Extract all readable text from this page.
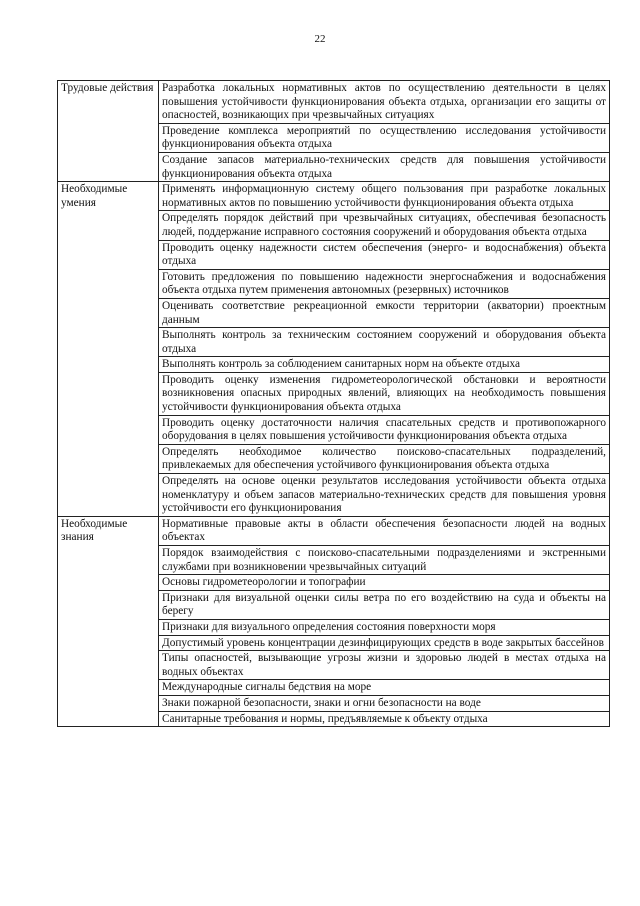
22
Трудовые действия	Разработка локальных нормативных актов по осуществлению деятельности в целях повышения устойчивости функционирования объекта отдыха, организации его защиты от опасностей, возникающих при чрезвычайных ситуациях
	Проведение комплекса мероприятий по осуществлению исследования устойчивости функционирования объекта отдыха
	Создание запасов материально-технических средств для повышения устойчивости функционирования объекта отдыха
Необходимые умения	Применять информационную систему общего пользования при разработке локальных нормативных актов по повышению устойчивости функционирования объекта отдыха
	Определять порядок действий при чрезвычайных ситуациях, обеспечивая безопасность людей, поддержание исправного состояния сооружений и оборудования объекта отдыха
	Проводить оценку надежности систем обеспечения (энерго- и водоснабжения) объекта отдыха
	Готовить предложения по повышению надежности энергоснабжения и водоснабжения объекта отдыха путем применения автономных (резервных) источников
	Оценивать соответствие рекреационной емкости территории (акватории) проектным данным
	Выполнять контроль за техническим состоянием сооружений и оборудования объекта отдыха
	Выполнять контроль за соблюдением санитарных норм на объекте отдыха
	Проводить оценку изменения гидрометеорологической обстановки и вероятности возникновения опасных природных явлений, влияющих на необходимость повышения устойчивости функционирования объекта отдыха
	Проводить оценку достаточности наличия спасательных средств и противопожарного оборудования в целях повышения устойчивости функционирования объекта отдыха
	Определять необходимое количество поисково-спасательных подразделений, привлекаемых для обеспечения устойчивого функционирования объекта отдыха
	Определять на основе оценки результатов исследования устойчивости объекта отдыха номенклатуру и объем запасов материально-технических средств для повышения уровня устойчивости его функционирования
Необходимые знания	Нормативные правовые акты в области обеспечения безопасности людей на водных объектах
	Порядок взаимодействия с поисково-спасательными подразделениями и экстренными службами при возникновении чрезвычайных ситуаций
	Основы гидрометеорологии и топографии
	Признаки для визуальной оценки силы ветра по его воздействию на суда и объекты на берегу
	Признаки для визуального определения состояния поверхности моря
	Допустимый уровень концентрации дезинфицирующих средств в воде закрытых бассейнов
	Типы опасностей, вызывающие угрозы жизни и здоровью людей в местах отдыха на водных объектах
	Международные сигналы бедствия на море
	Знаки пожарной безопасности, знаки и огни безопасности на воде
	Санитарные требования и нормы, предъявляемые к объекту отдыха
